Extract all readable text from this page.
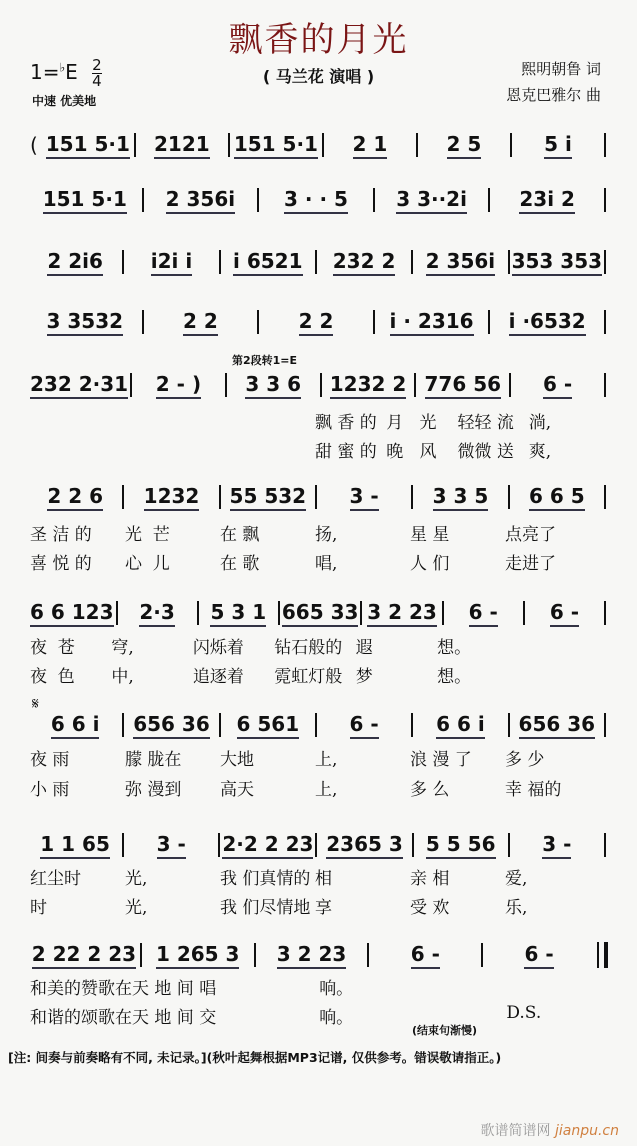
飘香的月光
$1=^♭E \frac{2}{4}$
中速 优美地
( 马兰花 演唱 )	熙明朝鲁 词
恩克巴雅尔 曲
第2段转1=E
𝄋
(结束句渐慢)
[注: 间奏与前奏略有不同, 未记录。](秋叶起舞根据MP3记谱, 仅供参考。错误敬请指正。)
歌谱简谱网 jianpu.cn
( 151 5·1 2121 151 5·1 2 1	2 5	5 i
151 5·1 2 356i 3 · · 5 3 3··2i	23i 2
2 2i6 i2i i i 6521 232 2 2 356i 353 353
3 3532	2 2	2 2	i · 2316 i ·6532
232 2·31 2 - ) 3 3 6 1232 2 776 56 6 -
2 2 6 1232 55 532 3 -	3 3 5 6 6 5
6 6 123 2·3 5 3 1 665 33 3 2 23 6 -	6 -
6 6 i 656 36 6 561	6 -	6 6 i 656 36
1 1 65 3 - 2·2 2 23 2365 3 5 5 56 3 -
2 22 2 23 1 265 3 3 2 23	6 -	6 -
飘 香 的 月   光	轻轻 流 淌,
甜 蜜 的 晚   风	微微 送 爽,
圣 洁 的	光  芒	在 飘	扬,	星 星	点亮了
喜 悦 的	心  儿	在 歌	唱,	人 们	走进了
夜  苍	穹,	闪烁着	钻石般的 遐	想。
夜  色	中,	追逐着	霓虹灯般 梦	想。
夜 雨	朦 胧在	大地	上,	浪 漫 了	多 少
小 雨	弥 漫到	高天	上,	多 么	幸 福的
红尘时	光,	我 们真情的 相	亲 相	爱,
时	光,	我 们尽情地 享	受 欢	乐,
和美的赞歌在 天 地 间 唱	响。
和谐的颂歌在 天 地 间 交	响。	D.S.
